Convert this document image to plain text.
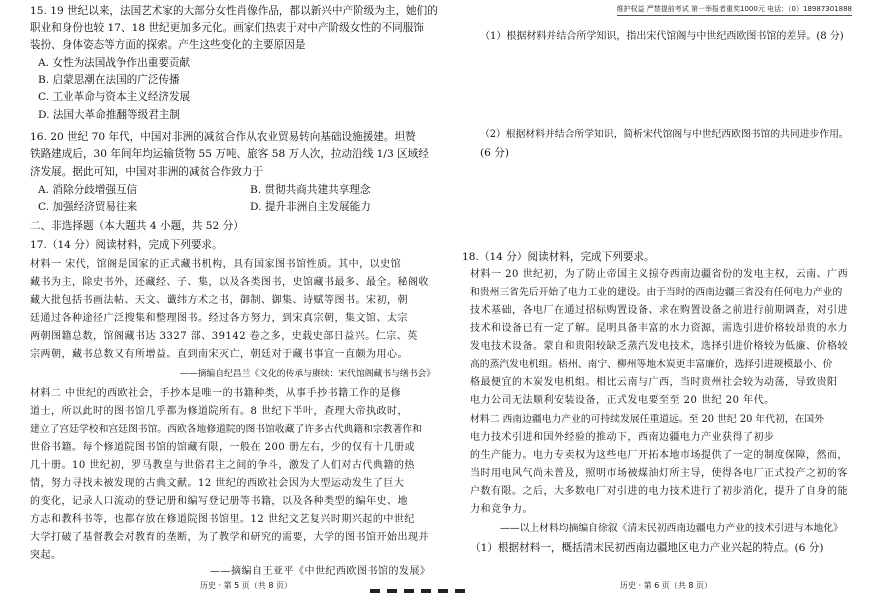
维护权益 严禁提前考试 第一举报者重奖1000元 电话：（0）18987301888
15. 19 世纪以来，法国艺术家的大部分女性肖像作品，都以新兴中产阶级为主，她们的
职业和身份也较 17、18 世纪更加多元化。画家们热衷于对中产阶级女性的不同服饰
装扮、身体姿态等方面的探索。产生这些变化的主要原因是
A. 女性为法国战争作出重要贡献
B. 启蒙思潮在法国的广泛传播
C. 工业革命与资本主义经济发展
D. 法国大革命推翻等级君主制
16. 20 世纪 70 年代，中国对非洲的减贫合作从农业贸易转向基础设施援建。坦赞
铁路建成后，30 年间年均运输货物 55 万吨、旅客 58 万人次，拉动沿线 1/3 区域经
济发展。据此可知，中国对非洲的减贫合作致力于
A. 消除分歧增强互信	B. 贯彻共商共建共享理念
C. 加强经济贸易往来	D. 提升非洲自主发展能力
二、非选择题（本大题共 4 小题，共 52 分）
17.（14 分）阅读材料，完成下列要求。
材料一 宋代，馆阁是国家的正式藏书机构，具有国家图书馆性质。其中，以史馆
藏书为主，除史书外，还藏经、子、集，以及各类图书，史馆藏书最多、最全。秘阁收
藏大批包括书画法帖、天文、谶纬方术之书，御制、御集、诗赋等图书。宋初，朝
廷通过各种途径广泛搜集和整理图书。经过各方努力，到宋真宗朝，集文馆、太宗
两朝图籍总数，馆阁藏书达 3327 部、39142 卷之多，史载史部日益兴。仁宗、英
宗两朝，藏书总数又有所增益。直到南宋灭亡，朝廷对于藏书事宜一直颇为用心。
——摘编自纪昌兰《文化的传承与赓续：宋代馆阁藏书与缮书会》
材料二 中世纪的西欧社会，手抄本是唯一的书籍种类，从事手抄书籍工作的是修
道士，所以此时的图书馆几乎都为修道院所有。8 世纪下半叶，查理大帝执政时，
建立了宫廷学校和宫廷图书馆。西欧各地修道院的图书馆收藏了许多古代典籍和宗教著作和
世俗书籍。每个修道院图书馆的馆藏有限，一般在 200 册左右，少的仅有十几册或
几十册。10 世纪初，罗马教皇与世俗君主之间的争斗，激发了人们对古代典籍的热
情，努力寻找未被发现的古典文献。12 世纪的西欧社会因为大型运动发生了巨大
的变化，记录人口流动的登记册和编写登记册等书籍，以及各种类型的编年史、地
方志和教科书等，也都存放在修道院图书馆里。12 世纪文艺复兴时期兴起的中世纪
大学打破了基督教会对教育的垄断，为了教学和研究的需要，大学的图书馆开始出现并
突起。
——摘编自王亚平《中世纪西欧图书馆的发展》
历史 · 第 5 页（共 8 页）
（1）根据材料并结合所学知识，指出宋代馆阁与中世纪西欧图书馆的差异。(8 分)
（2）根据材料并结合所学知识，简析宋代馆阁与中世纪西欧图书馆的共同进步作用。
(6 分)
18.（14 分）阅读材料，完成下列要求。
材料一 20 世纪初，为了防止帝国主义掠夺西南边疆省份的发电主权，云南、广西
和贵州三省先后开始了电力工业的建设。由于当时的西南边疆三省没有任何电力产业的
技术基础，各电厂在通过招标购置设备、求在购置设备之前进行前期调查，对引进
技术和设备已有一定了解。昆明具备丰富的水力资源，需选引进价格较昂贵的水力
发电技术设备。蒙自和贵阳较缺乏蒸汽发电技术，选择引进价格较为低廉、价格较
高的蒸汽发电机组。梧州、南宁、柳州等地木炭更丰富廉价，选择引进规模最小、价
格最便宜的木炭发电机组。相比云南与广西，当时贵州社会较为动荡，导致贵阳
电力公司无法顺利安装设备，正式发电要至至 20 世纪 20 年代。
材料二 西南边疆电力产业的可持续发展任重道远。至 20 世纪 20 年代初，在国外
电力技术引进和国外经验的推动下，西南边疆电力产业获得了初步
的生产能力。电力专卖权为这些电厂开拓本地市场提供了一定的制度保障，然而，
当时用电风气尚未普及，照明市场被煤油灯所主导，使得各电厂正式投产之初的客
户数有限。之后，大多数电厂对引进的电力技术进行了初步消化，提升了自身的能
力和竞争力。
——以上材料均摘编自徐叙《清末民初西南边疆电力产业的技术引进与本地化》
（1）根据材料一，概括清末民初西南边疆地区电力产业兴起的特点。(6 分)
历史 · 第 6 页（共 8 页）
